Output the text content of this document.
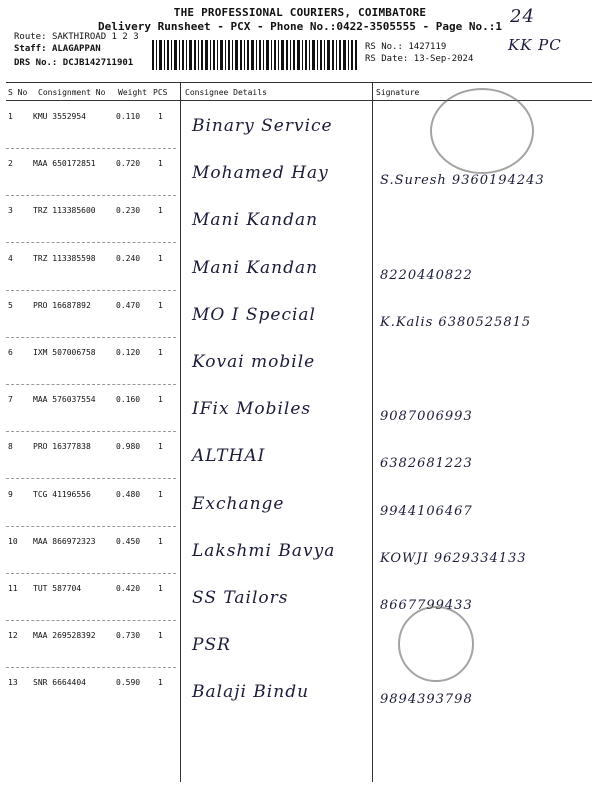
THE PROFESSIONAL COURIERS, COIMBATORE
Delivery Runsheet - PCX - Phone No.:0422-3505555 - Page No.:1
Route: SAKTHIROAD 1 2 3
Staff: ALAGAPPAN
DRS No.: DCJB142711901
RS No.: 1427119
RS Date: 13-Sep-2024
24
KK PC
S No Consignment No Weight PCS Consignee Details	Signature
1	KMU 3552954	0.110 1 Binary Service
2	MAA 650172851	0.720 1 Mohamed Hay	S.Suresh 9360194243
3	TRZ 113385600	0.230 1 Mani Kandan
4	TRZ 113385598	0.240 1 Mani Kandan	8220440822
5	PRO 16687892	0.470 1 MO I Special	K.Kalis 6380525815
6	IXM 507006758	0.120 1 Kovai mobile
7	MAA 576037554	0.160 1 IFix Mobiles	9087006993
8	PRO 16377838	0.980 1 ALTHAI	6382681223
9	TCG 41196556	0.480 1 Exchange	9944106467
10 MAA 866972323	0.450 1 Lakshmi Bavya	KOWJI 9629334133
11 TUT 587704	0.420 1 SS Tailors	8667799433
12 MAA 269528392	0.730 1 PSR
13 SNR 6664404	0.590 1 Balaji Bindu	9894393798
